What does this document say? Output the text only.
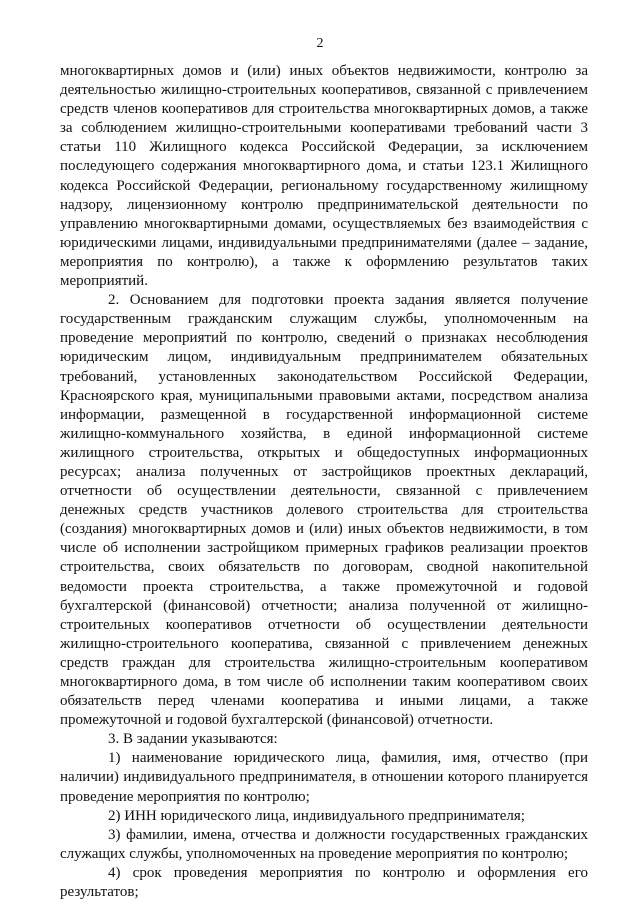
2

многоквартирных домов и (или) иных объектов недвижимости, контролю за деятельностью жилищно-строительных кооперативов, связанной с привлечением средств членов кооперативов для строительства многоквартирных домов, а также за соблюдением жилищно-строительными кооперативами требований части 3 статьи 110 Жилищного кодекса Российской Федерации, за исключением последующего содержания многоквартирного дома, и статьи 123.1 Жилищного кодекса Российской Федерации, региональному государственному жилищному надзору, лицензионному контролю предпринимательской деятельности по управлению многоквартирными домами, осуществляемых без взаимодействия с юридическими лицами, индивидуальными предпринимателями (далее – задание, мероприятия по контролю), а также к оформлению результатов таких мероприятий.

2. Основанием для подготовки проекта задания является получение государственным гражданским служащим службы, уполномоченным на проведение мероприятий по контролю, сведений о признаках несоблюдения юридическим лицом, индивидуальным предпринимателем обязательных требований, установленных законодательством Российской Федерации, Красноярского края, муниципальными правовыми актами, посредством анализа информации, размещенной в государственной информационной системе жилищно-коммунального хозяйства, в единой информационной системе жилищного строительства, открытых и общедоступных информационных ресурсах; анализа полученных от застройщиков проектных деклараций, отчетности об осуществлении деятельности, связанной с привлечением денежных средств участников долевого строительства для строительства (создания) многоквартирных домов и (или) иных объектов недвижимости, в том числе об исполнении застройщиком примерных графиков реализации проектов строительства, своих обязательств по договорам, сводной накопительной ведомости проекта строительства, а также промежуточной и годовой бухгалтерской (финансовой) отчетности; анализа полученной от жилищно-строительных кооперативов отчетности об осуществлении деятельности жилищно-строительного кооператива, связанной с привлечением денежных средств граждан для строительства жилищно-строительным кооперативом многоквартирного дома, в том числе об исполнении таким кооперативом своих обязательств перед членами кооператива и иными лицами, а также промежуточной и годовой бухгалтерской (финансовой) отчетности.

3. В задании указываются:

1) наименование юридического лица, фамилия, имя, отчество (при наличии) индивидуального предпринимателя, в отношении которого планируется проведение мероприятия по контролю;

2) ИНН юридического лица, индивидуального предпринимателя;

3) фамилии, имена, отчества и должности государственных гражданских служащих службы, уполномоченных на проведение мероприятия по контролю;

4) срок проведения мероприятия по контролю и оформления его результатов;
